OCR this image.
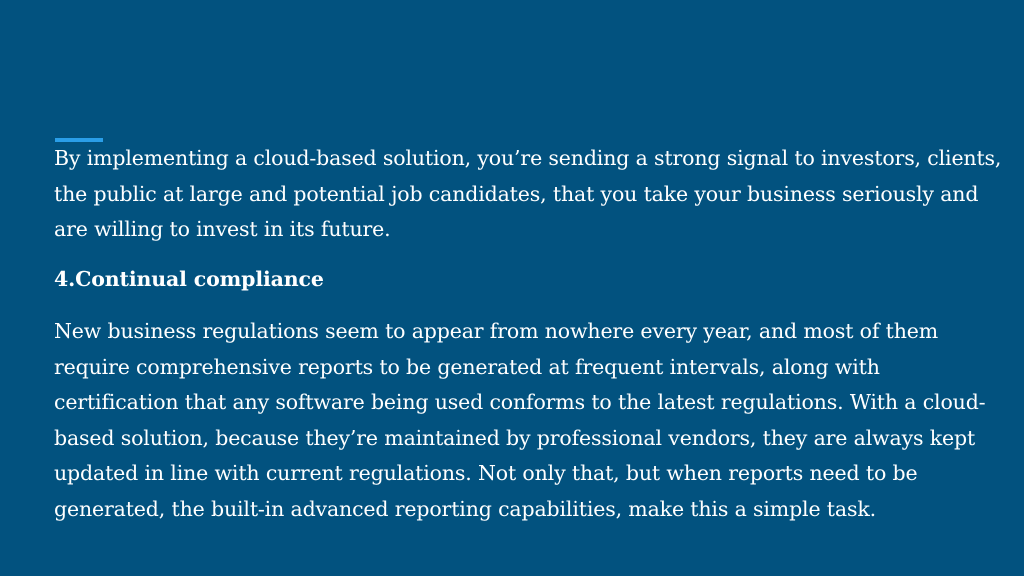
By implementing a cloud-based solution, you’re sending a strong signal to investors, clients, the public at large and potential job candidates, that you take your business seriously and are willing to invest in its future.

4.Continual compliance

New business regulations seem to appear from nowhere every year, and most of them require comprehensive reports to be generated at frequent intervals, along with certification that any software being used conforms to the latest regulations. With a cloud-based solution, because they’re maintained by professional vendors, they are always kept updated in line with current regulations. Not only that, but when reports need to be generated, the built-in advanced reporting capabilities, make this a simple task.
